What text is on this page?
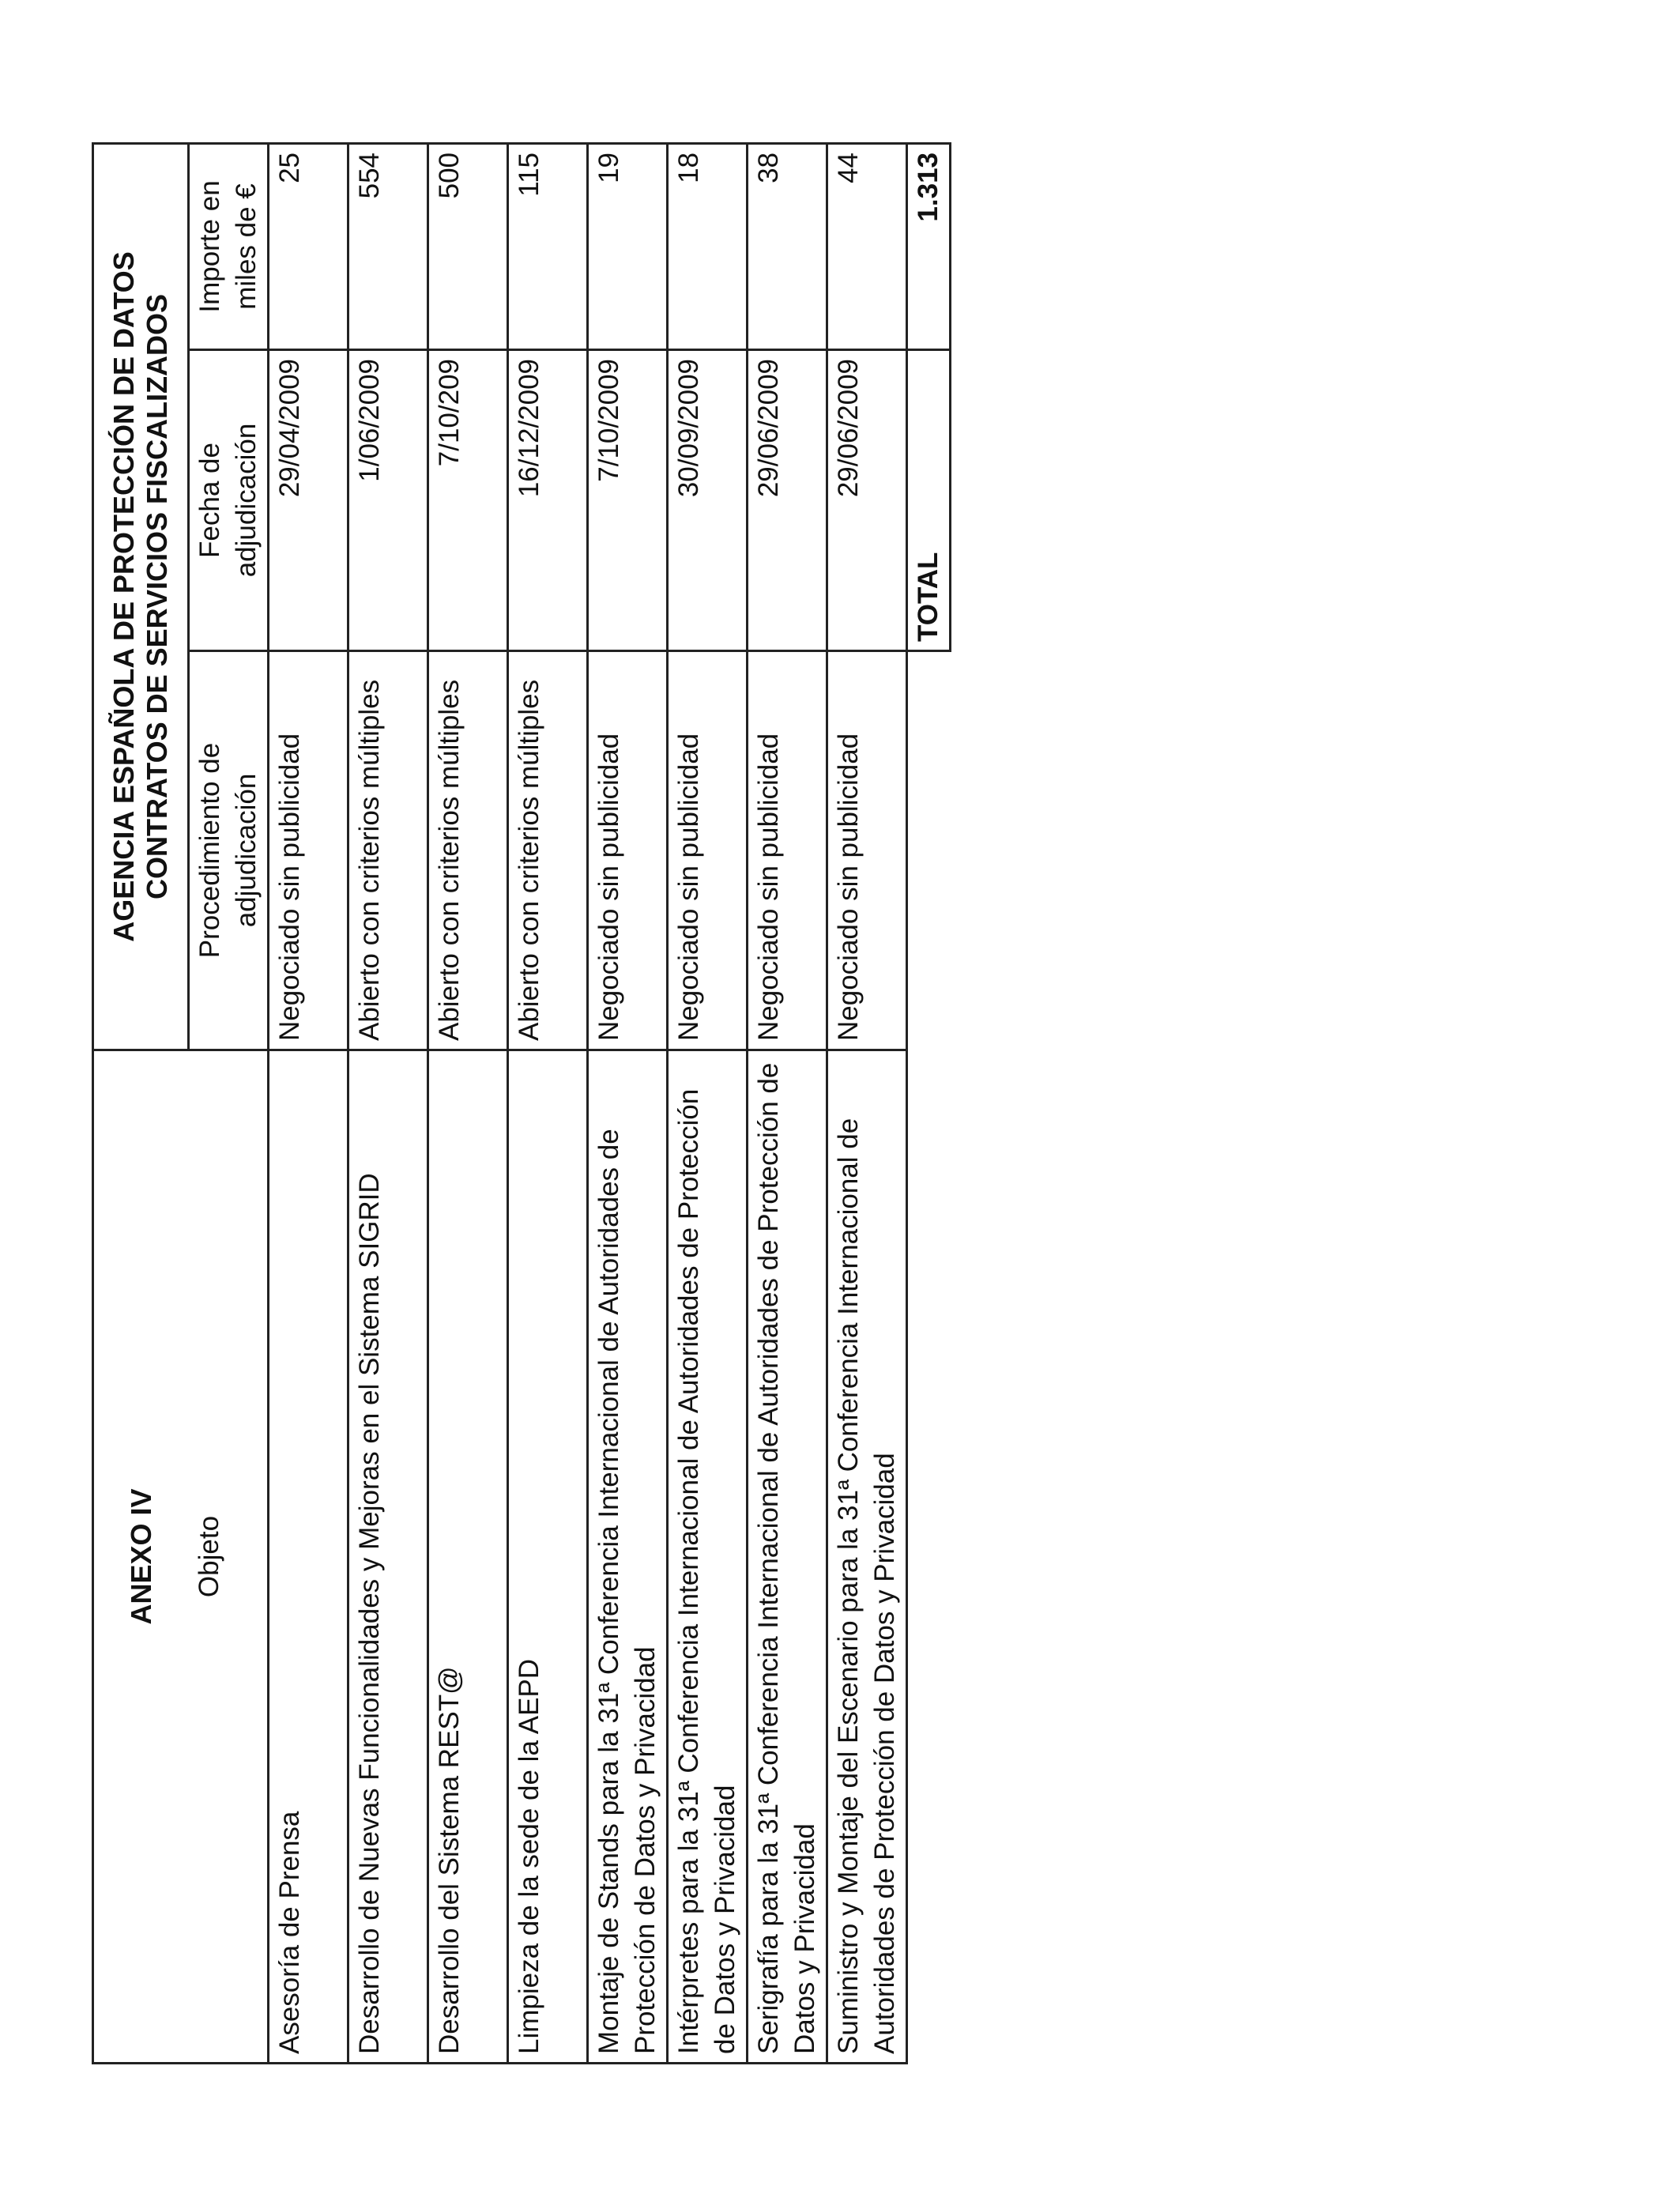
ANEXO IV	AGENCIA ESPAÑOLA DE PROTECCIÓN DE DATOS CONTRATOS DE SERVICIOS FISCALIZADOS		

Objeto	Procedimiento de adjudicación	Fecha de adjudicación	Importe en miles de €

Asesoría de Prensa	Negociado sin publicidad	29/04/2009	25
Desarrollo de Nuevas Funcionalidades y Mejoras en el Sistema SIGRID	Abierto con criterios múltiples	1/06/2009	554
Desarrollo del Sistema REST@	Abierto con criterios múltiples	7/10/209	500
Limpieza de la sede de la AEPD	Abierto con criterios múltiples	16/12/2009	115
Montaje de Stands para la 31ª Conferencia Internacional de Autoridades de Protección de Datos y Privacidad	Negociado sin publicidad	7/10/2009	19
Intérpretes para la 31ª Conferencia Internacional de Autoridades de Protección de Datos y Privacidad	Negociado sin publicidad	30/09/2009	18
Serigrafía para la 31ª Conferencia Internacional de Autoridades de Protección de Datos y Privacidad	Negociado sin publicidad	29/06/2009	38
Suministro y Montaje del Escenario para la 31ª Conferencia Internacional de Autoridades de Protección de Datos y Privacidad	Negociado sin publicidad	29/06/2009	44
		TOTAL	1.313
